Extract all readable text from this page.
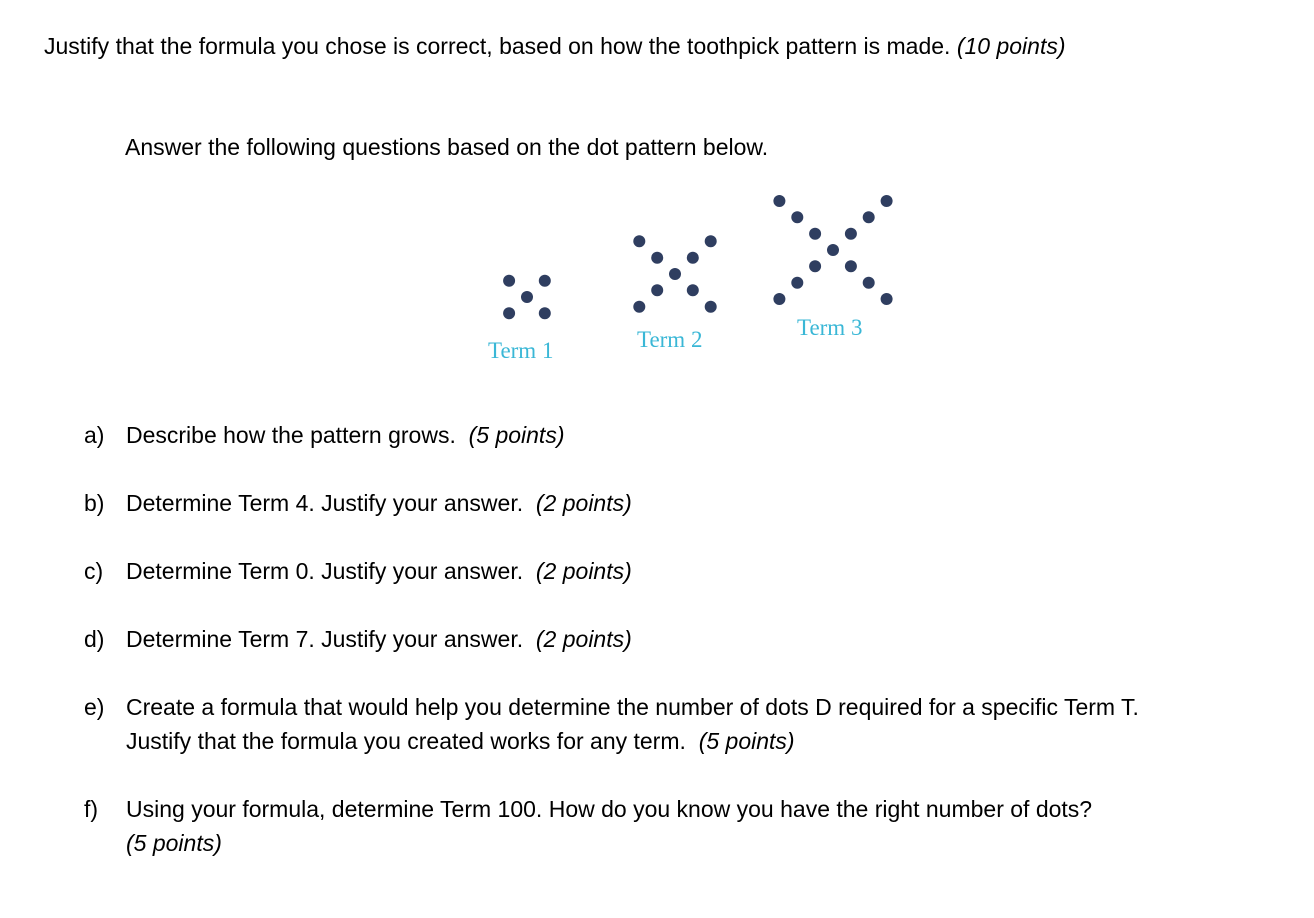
Justify that the formula you chose is correct, based on how the toothpick pattern is made. (10 points)
Answer the following questions based on the dot pattern below.
Term 1	Term 2	Term 3
a) Describe how the pattern grows. (5 points)
b) Determine Term 4. Justify your answer. (2 points)
c) Determine Term 0. Justify your answer. (2 points)
d) Determine Term 7. Justify your answer. (2 points)
e) Create a formula that would help you determine the number of dots D required for a specific Term T.
Justify that the formula you created works for any term. (5 points)
f)	Using your formula, determine Term 100. How do you know you have the right number of dots?
(5 points)
